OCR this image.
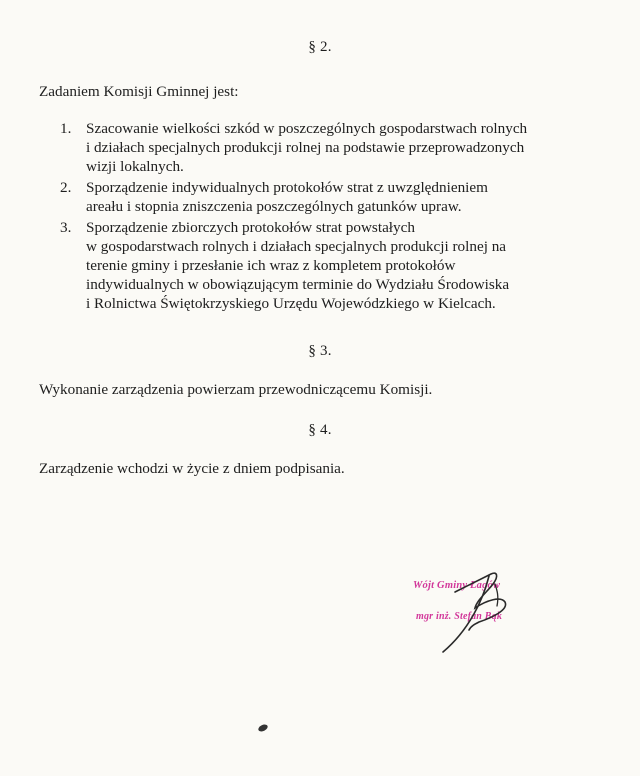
§ 2.
Zadaniem Komisji Gminnej jest:
1. Szacowanie wielkości szkód w poszczególnych gospodarstwach rolnych
i działach specjalnych produkcji rolnej na podstawie przeprowadzonych
wizji lokalnych.
2. Sporządzenie indywidualnych protokołów strat z uwzględnieniem
areału i stopnia zniszczenia poszczególnych gatunków upraw.
3. Sporządzenie zbiorczych protokołów strat powstałych
w gospodarstwach rolnych i działach specjalnych produkcji rolnej na
terenie gminy i przesłanie ich wraz z kompletem protokołów
indywidualnych w obowiązującym terminie do Wydziału Środowiska
i Rolnictwa Świętokrzyskiego Urzędu Wojewódzkiego w Kielcach.
§ 3.
Wykonanie zarządzenia powierzam przewodniczącemu Komisji.
§ 4.
Zarządzenie wchodzi w życie z dniem podpisania.
Wójt Gminy Łagów
mgr inż. Stefan Bąk
